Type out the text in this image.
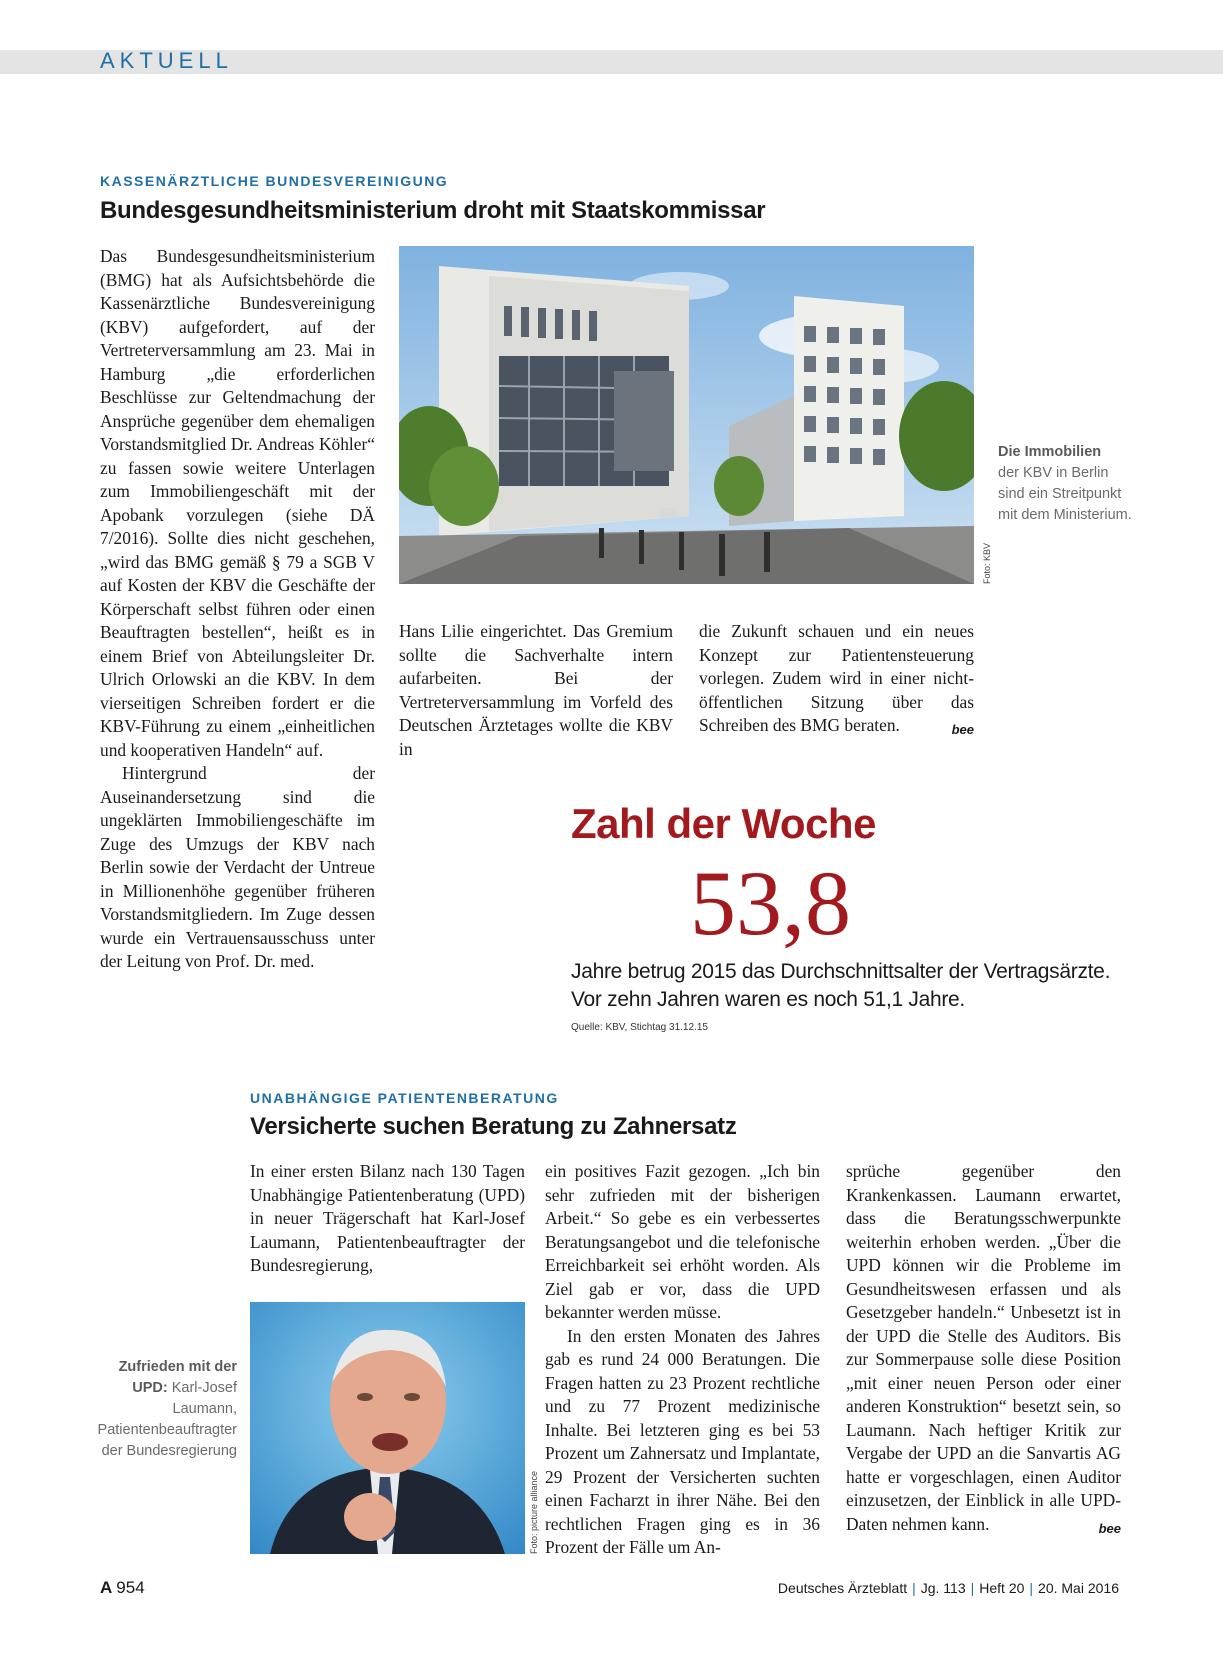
AKTUELL
KASSENÄRZTLICHE BUNDESVEREINIGUNG
Bundesgesundheitsministerium droht mit Staatskommissar

Das Bundesgesundheitsministerium (BMG) hat als Aufsichtsbehörde die Kassenärztliche Bundesvereinigung (KBV) aufgefordert, auf der Vertreterversammlung am 23. Mai in Hamburg „die erforderlichen Beschlüsse zur Geltendmachung der Ansprüche gegenüber dem ehemaligen Vorstandsmitglied Dr. Andreas Köhler“ zu fassen sowie weitere Unterlagen zum Immobiliengeschäft mit der Apobank vorzulegen (siehe DÄ 7/2016). Sollte dies nicht geschehen, „wird das BMG gemäß § 79 a SGB V auf Kosten der KBV die Geschäfte der Körperschaft selbst führen oder einen Beauftragten bestellen“, heißt es in einem Brief von Abteilungsleiter Dr. Ulrich Orlowski an die KBV. In dem vierseitigen Schreiben fordert er die KBV-Führung zu einem „einheitlichen und kooperativen Handeln“ auf.

Hintergrund der Auseinandersetzung sind die ungeklärten Immobiliengeschäfte im Zuge des Umzugs der KBV nach Berlin sowie der Verdacht der Untreue in Millionenhöhe gegenüber früheren Vorstandsmitgliedern. Im Zuge dessen wurde ein Vertrauensausschuss unter der Leitung von Prof. Dr. med.

Foto: KBV
Die Immobilien
der KBV in Berlin sind ein Streitpunkt mit dem Ministerium.

Hans Lilie eingerichtet. Das Gremium sollte die Sachverhalte intern aufarbeiten. Bei der Vertreterversammlung im Vorfeld des Deutschen Ärztetages wollte die KBV in

die Zukunft schauen und ein neues Konzept zur Patientensteuerung vorlegen. Zudem wird in einer nicht-öffentlichen Sitzung über das Schreiben des BMG beraten.	bee

Zahl der Woche
53,8
Jahre betrug 2015 das Durchschnittsalter der Vertragsärzte.
Vor zehn Jahren waren es noch 51,1 Jahre.
Quelle: KBV, Stichtag 31.12.15
UNABHÄNGIGE PATIENTENBERATUNG
Versicherte suchen Beratung zu Zahnersatz

In einer ersten Bilanz nach 130 Tagen Unabhängige Patientenberatung (UPD) in neuer Trägerschaft hat Karl-Josef Laumann, Patientenbeauftragter der Bundesregierung,

Foto: picture alliance
Zufrieden mit der UPD: Karl-Josef Laumann, Patientenbeauftragter der Bundesregierung

ein positives Fazit gezogen. „Ich bin sehr zufrieden mit der bisherigen Arbeit.“ So gebe es ein verbessertes Beratungsangebot und die telefonische Erreichbarkeit sei erhöht worden. Als Ziel gab er vor, dass die UPD bekannter werden müsse.

In den ersten Monaten des Jahres gab es rund 24 000 Beratungen. Die Fragen hatten zu 23 Prozent rechtliche und zu 77 Prozent medizinische Inhalte. Bei letzteren ging es bei 53 Prozent um Zahnersatz und Implantate, 29 Prozent der Versicherten suchten einen Facharzt in ihrer Nähe. Bei den rechtlichen Fragen ging es in 36 Prozent der Fälle um An-

sprüche gegenüber den Krankenkassen. Laumann erwartet, dass die Beratungsschwerpunkte weiterhin erhoben werden. „Über die UPD können wir die Probleme im Gesundheitswesen erfassen und als Gesetzgeber handeln.“ Unbesetzt ist in der UPD die Stelle des Auditors. Bis zur Sommerpause solle diese Position „mit einer neuen Person oder einer anderen Konstruktion“ besetzt sein, so Laumann. Nach heftiger Kritik zur Vergabe der UPD an die Sanvartis AG hatte er vorgeschlagen, einen Auditor einzusetzen, der Einblick in alle UPD-Daten nehmen kann.	bee

A 954	Deutsches Ärzteblatt | Jg. 113 | Heft 20 | 20. Mai 2016
